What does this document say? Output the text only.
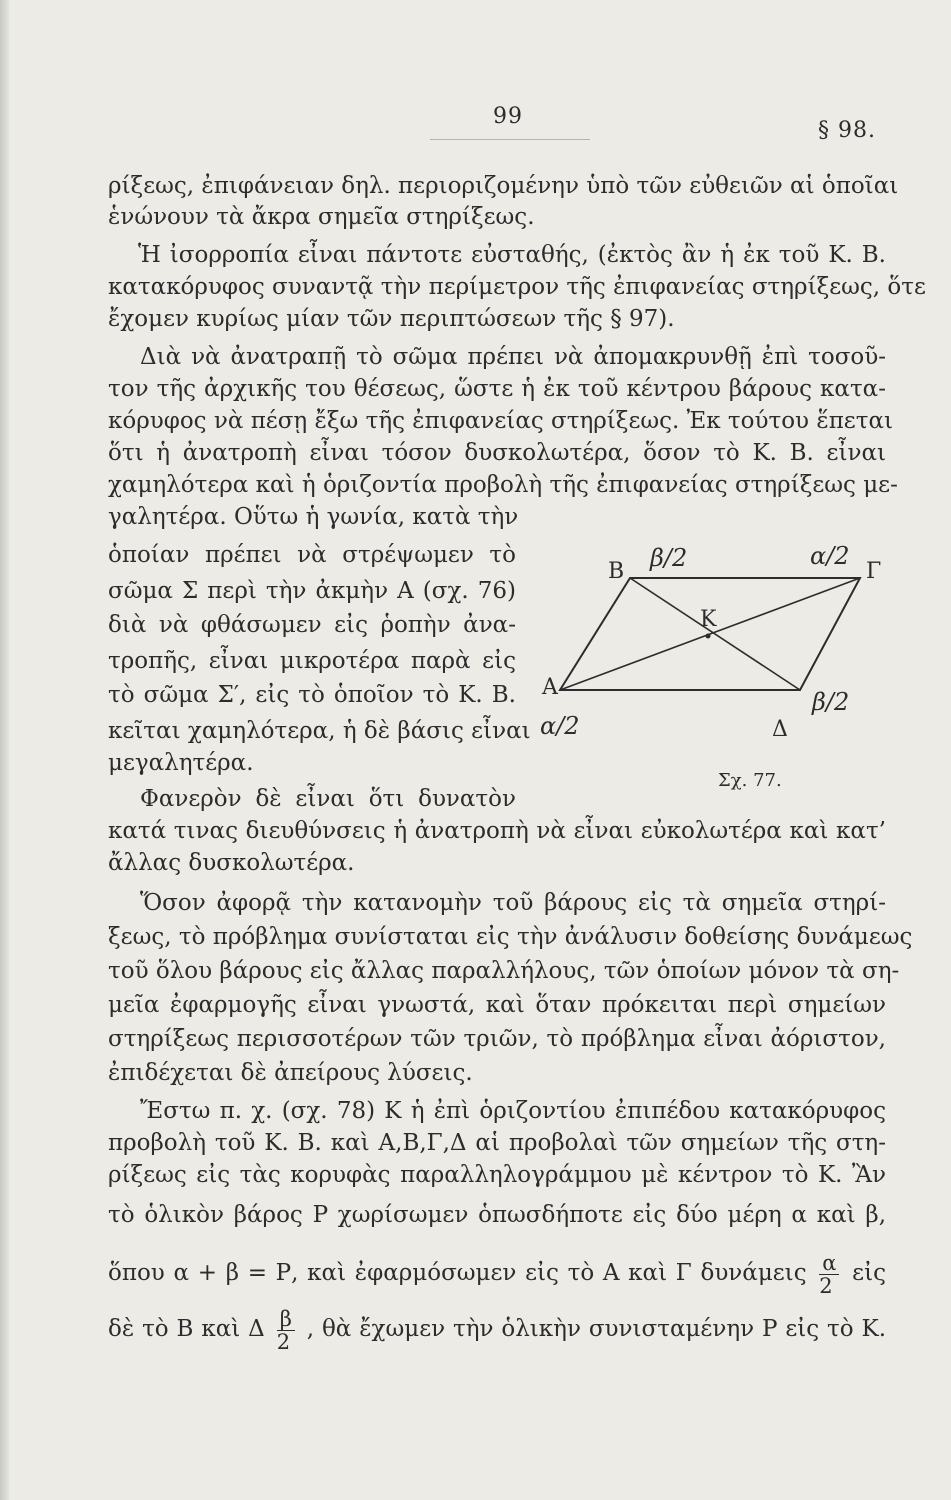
99
§ 98.
ρίξεως, ἐπιφάνειαν δηλ. περιοριζομένην ὑπὸ τῶν εὐθειῶν αἱ ὁποῖαι
ἑνώνουν τὰ ἄκρα σημεῖα στηρίξεως.
Ἡ ἰσορροπία εἶναι πάντοτε εὐσταθής, (ἐκτὸς ἂν ἡ ἐκ τοῦ Κ. Β.
κατακόρυφος συναντᾷ τὴν περίμετρον τῆς ἐπιφανείας στηρίξεως, ὅτε
ἔχομεν κυρίως μίαν τῶν περιπτώσεων τῆς § 97).
Διὰ νὰ ἀνατραπῇ τὸ σῶμα πρέπει νὰ ἀπομακρυνθῇ ἐπὶ τοσοῦ-
τον τῆς ἀρχικῆς του θέσεως, ὥστε ἡ ἐκ τοῦ κέντρου βάρους κατα-
κόρυφος νὰ πέσῃ ἔξω τῆς ἐπιφανείας στηρίξεως. Ἐκ τούτου ἕπεται
ὅτι ἡ ἀνατροπὴ εἶναι τόσον δυσκολωτέρα, ὅσον τὸ Κ. Β. εἶναι
χαμηλότερα καὶ ἡ ὁριζοντία προβολὴ τῆς ἐπιφανείας στηρίξεως με-
γαλητέρα. Οὕτω ἡ γωνία, κατὰ τὴν
ὁποίαν πρέπει νὰ στρέψωμεν τὸ
σῶμα Σ περὶ τὴν ἀκμὴν Α (σχ. 76)
διὰ νὰ φθάσωμεν εἰς ῥοπὴν ἀνα-
τροπῆς, εἶναι μικροτέρα παρὰ εἰς
τὸ σῶμα Σ′, εἰς τὸ ὁποῖον τὸ Κ. Β.
κεῖται χαμηλότερα, ἡ δὲ βάσις εἶναι
μεγαλητέρα.
Φανερὸν δὲ εἶναι ὅτι δυνατὸν
κατά τινας διευθύνσεις ἡ ἀνατροπὴ νὰ εἶναι εὐκολωτέρα καὶ κατ’
ἄλλας δυσκολωτέρα.
Ὅσον ἀφορᾷ τὴν κατανομὴν τοῦ βάρους εἰς τὰ σημεῖα στηρί-
ξεως, τὸ πρόβλημα συνίσταται εἰς τὴν ἀνάλυσιν δοθείσης δυνάμεως
τοῦ ὅλου βάρους εἰς ἄλλας παραλλήλους, τῶν ὁποίων μόνον τὰ ση-
μεῖα ἐφαρμογῆς εἶναι γνωστά, καὶ ὅταν πρόκειται περὶ σημείων
στηρίξεως περισσοτέρων τῶν τριῶν, τὸ πρόβλημα εἶναι ἀόριστον,
ἐπιδέχεται δὲ ἀπείρους λύσεις.
Ἔστω π. χ. (σχ. 78) Κ ἡ ἐπὶ ὁριζοντίου ἐπιπέδου κατακόρυφος
προβολὴ τοῦ Κ. Β. καὶ Α,Β,Γ,Δ αἱ προβολαὶ τῶν σημείων τῆς στη-
ρίξεως εἰς τὰς κορυφὰς παραλληλογράμμου μὲ κέντρον τὸ Κ. Ἂν
τὸ ὁλικὸν βάρος Ρ χωρίσωμεν ὁπωσδήποτε εἰς δύο μέρη α καὶ β,
ὅπου α + β = Ρ, καὶ ἐφαρμόσωμεν εἰς τὸ Α καὶ Γ δυνάμεις $\frac{\alpha}{2}$ εἰς
δὲ τὸ Β καὶ Δ $\frac{\beta}{2}$ , θὰ ἔχωμεν τὴν ὁλικὴν συνισταμένην Ρ εἰς τὸ Κ.
Β	Γ
Α
Δ
Κ
β/2	α/2
α/2
β/2
Σχ. 77.
